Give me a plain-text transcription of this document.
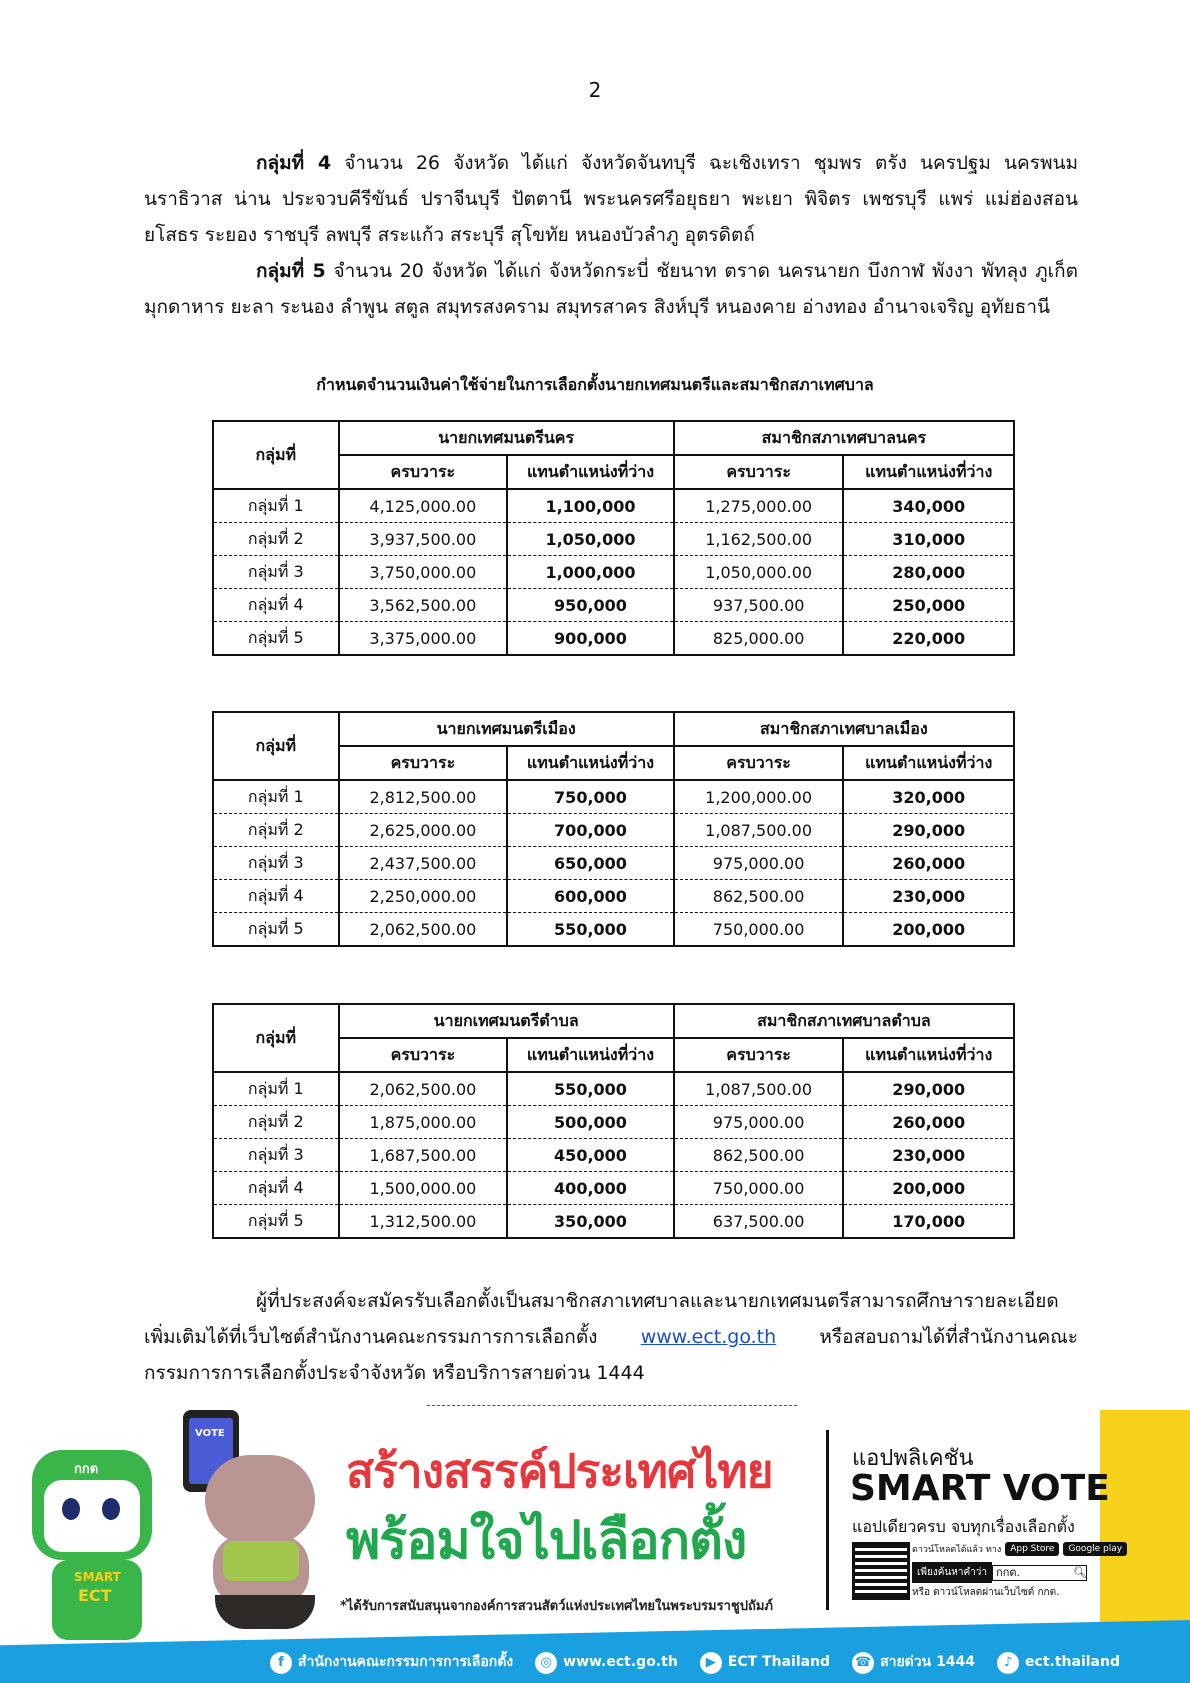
2
กลุ่มที่ 4 จำนวน 26 จังหวัด ได้แก่ จังหวัดจันทบุรี ฉะเชิงเทรา ชุมพร ตรัง นครปฐม นครพนม นราธิวาส น่าน ประจวบคีรีขันธ์ ปราจีนบุรี ปัตตานี พระนครศรีอยุธยา พะเยา พิจิตร เพชรบุรี แพร่ แม่ฮ่องสอน ยโสธร ระยอง ราชบุรี ลพบุรี สระแก้ว สระบุรี สุโขทัย หนองบัวลำภู อุตรดิตถ์
กลุ่มที่ 5 จำนวน 20 จังหวัด ได้แก่ จังหวัดกระบี่ ชัยนาท ตราด นครนายก บึงกาฬ พังงา พัทลุง ภูเก็ต มุกดาหาร ยะลา ระนอง ลำพูน สตูล สมุทรสงคราม สมุทรสาคร สิงห์บุรี หนองคาย อ่างทอง อำนาจเจริญ อุทัยธานี
กำหนดจำนวนเงินค่าใช้จ่ายในการเลือกตั้งนายกเทศมนตรีและสมาชิกสภาเทศบาล
กลุ่มที่	นายกเทศมนตรีนคร		สมาชิกสภาเทศบาลนคร	
	ครบวาระ	แทนตำแหน่งที่ว่าง	ครบวาระ	แทนตำแหน่งที่ว่าง
กลุ่มที่ 1	4,125,000.00	1,100,000	1,275,000.00	340,000
กลุ่มที่ 2	3,937,500.00	1,050,000	1,162,500.00	310,000
กลุ่มที่ 3	3,750,000.00	1,000,000	1,050,000.00	280,000
กลุ่มที่ 4	3,562,500.00	950,000	937,500.00	250,000
กลุ่มที่ 5	3,375,000.00	900,000	825,000.00	220,000
กลุ่มที่	นายกเทศมนตรีเมือง		สมาชิกสภาเทศบาลเมือง	
	ครบวาระ	แทนตำแหน่งที่ว่าง	ครบวาระ	แทนตำแหน่งที่ว่าง
กลุ่มที่ 1	2,812,500.00	750,000	1,200,000.00	320,000
กลุ่มที่ 2	2,625,000.00	700,000	1,087,500.00	290,000
กลุ่มที่ 3	2,437,500.00	650,000	975,000.00	260,000
กลุ่มที่ 4	2,250,000.00	600,000	862,500.00	230,000
กลุ่มที่ 5	2,062,500.00	550,000	750,000.00	200,000
กลุ่มที่	นายกเทศมนตรีตำบล		สมาชิกสภาเทศบาลตำบล	
	ครบวาระ	แทนตำแหน่งที่ว่าง	ครบวาระ	แทนตำแหน่งที่ว่าง
กลุ่มที่ 1	2,062,500.00	550,000	1,087,500.00	290,000
กลุ่มที่ 2	1,875,000.00	500,000	975,000.00	260,000
กลุ่มที่ 3	1,687,500.00	450,000	862,500.00	230,000
กลุ่มที่ 4	1,500,000.00	400,000	750,000.00	200,000
กลุ่มที่ 5	1,312,500.00	350,000	637,500.00	170,000
ผู้ที่ประสงค์จะสมัครรับเลือกตั้งเป็นสมาชิกสภาเทศบาลและนายกเทศมนตรีสามารถศึกษารายละเอียดเพิ่มเติมได้ที่เว็บไซต์สำนักงานคณะกรรมการการเลือกตั้ง www.ect.go.th หรือสอบถามได้ที่สำนักงานคณะกรรมการการเลือกตั้งประจำจังหวัด หรือบริการสายด่วน 1444
กกต
SMART
ECT
VOTE
สร้างสรรค์ประเทศไทย
พร้อมใจไปเลือกตั้ง
*ได้รับการสนับสนุนจากองค์การสวนสัตว์แห่งประเทศไทยในพระบรมราชูปถัมภ์
แอปพลิเคชัน
SMART VOTE
แอปเดียวครบ จบทุกเรื่องเลือกตั้ง
ดาวน์โหลดได้แล้ว ทาง	App Store	Google play
เพียงค้นหาคำว่า กกต.	🔍︎
หรือ ดาวน์โหลดผ่านเว็บไซต์ กกต.
f สำนักงานคณะกรรมการการเลือกตั้ง	◎ www.ect.go.th	▶ ECT Thailand ☎ สายด่วน 1444	♪ ect.thailand
